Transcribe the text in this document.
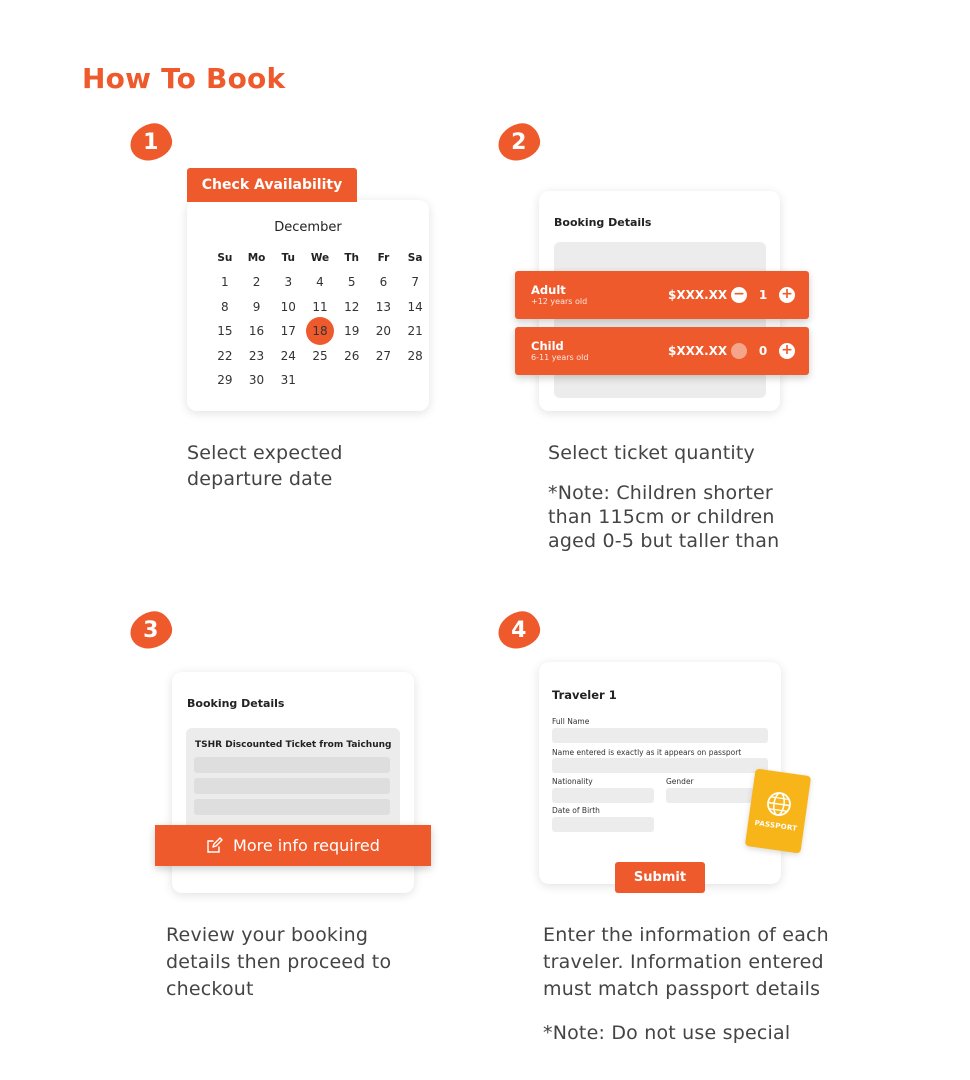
How To Book
1
December
Su	Mo	Tu	We	Th	Fr	Sa
1	2	3	4	5	6	7
8	9	10	11	12	13	14
15	16	17	18	19	20	21
22	23	24	25	26	27	28
29	30	31
Check Availability
Select expected
departure date
2
Booking Details
Adult
+12 years old	$XXX.XX − 1 +
Child
6-11 years old	$XXX.XX − 0 +
Select ticket quantity
*Note: Children shorter
than 115cm or children
aged 0-5 but taller than
3
Booking Details
TSHR Discounted Ticket from Taichung
More info required
Review your booking
details then proceed to
checkout
4
Traveler 1
Full Name
Name entered is exactly as it appears on passport
Nationality	Gender
Date of Birth
Submit
PASSPORT
Enter the information of each
traveler. Information entered
must match passport details
*Note: Do not use special
